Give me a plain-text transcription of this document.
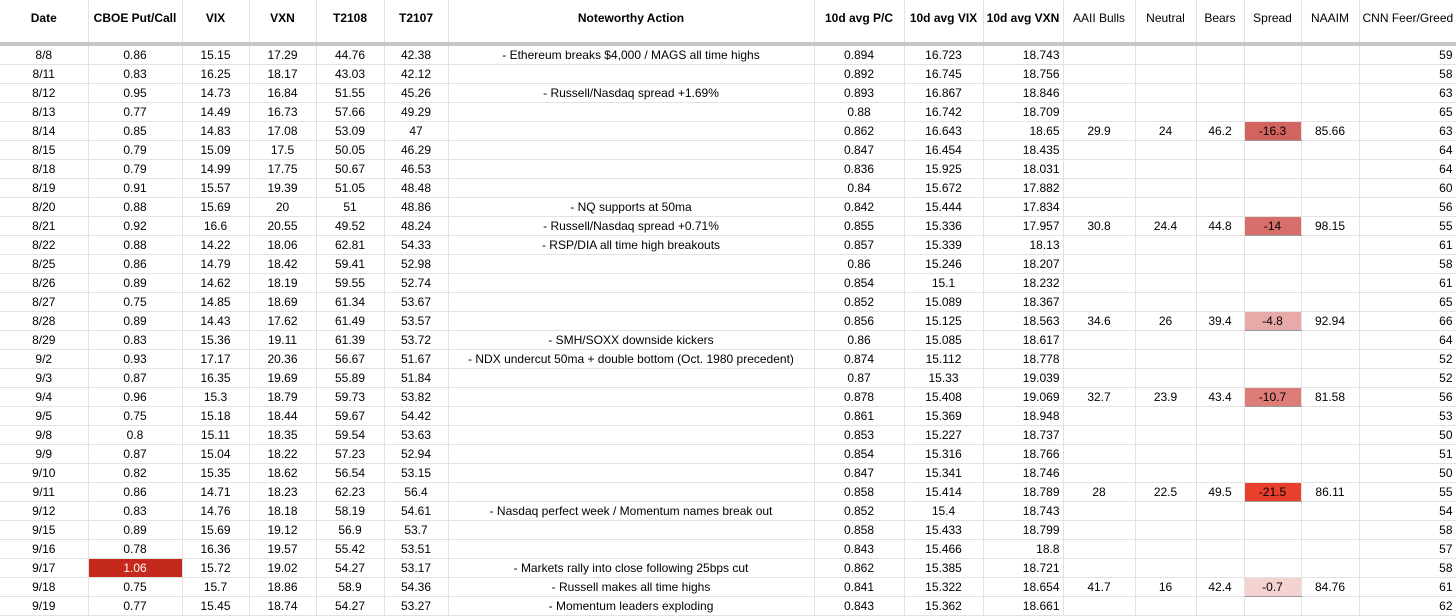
Date	CBOE Put/Call	VIX	VXN	T2108	T2107	Noteworthy Action	10d avg P/C	10d avg VIX	10d avg VXN	AAII Bulls	Neutral	Bears	Spread	NAAIM	CNN Feer/Greed
8/8	0.86	15.15	17.29	44.76	42.38	- Ethereum breaks $4,000 / MAGS all time highs	0.894	16.723	18.743						59
8/11	0.83	16.25	18.17	43.03	42.12		0.892	16.745	18.756						58
8/12	0.95	14.73	16.84	51.55	45.26	- Russell/Nasdaq spread +1.69%	0.893	16.867	18.846						63
8/13	0.77	14.49	16.73	57.66	49.29		0.88	16.742	18.709						65
8/14	0.85	14.83	17.08	53.09	47		0.862	16.643	18.65	29.9	24	46.2	-16.3	85.66	63
8/15	0.79	15.09	17.5	50.05	46.29		0.847	16.454	18.435						64
8/18	0.79	14.99	17.75	50.67	46.53		0.836	15.925	18.031						64
8/19	0.91	15.57	19.39	51.05	48.48		0.84	15.672	17.882						60
8/20	0.88	15.69	20	51	48.86	- NQ supports at 50ma	0.842	15.444	17.834						56
8/21	0.92	16.6	20.55	49.52	48.24	- Russell/Nasdaq spread +0.71%	0.855	15.336	17.957	30.8	24.4	44.8	-14	98.15	55
8/22	0.88	14.22	18.06	62.81	54.33	- RSP/DIA all time high breakouts	0.857	15.339	18.13						61
8/25	0.86	14.79	18.42	59.41	52.98		0.86	15.246	18.207						58
8/26	0.89	14.62	18.19	59.55	52.74		0.854	15.1	18.232						61
8/27	0.75	14.85	18.69	61.34	53.67		0.852	15.089	18.367						65
8/28	0.89	14.43	17.62	61.49	53.57		0.856	15.125	18.563	34.6	26	39.4	-4.8	92.94	66
8/29	0.83	15.36	19.11	61.39	53.72	- SMH/SOXX downside kickers	0.86	15.085	18.617						64
9/2	0.93	17.17	20.36	56.67	51.67	- NDX undercut 50ma + double bottom (Oct. 1980 precedent)	0.874	15.112	18.778						52
9/3	0.87	16.35	19.69	55.89	51.84		0.87	15.33	19.039						52
9/4	0.96	15.3	18.79	59.73	53.82		0.878	15.408	19.069	32.7	23.9	43.4	-10.7	81.58	56
9/5	0.75	15.18	18.44	59.67	54.42		0.861	15.369	18.948						53
9/8	0.8	15.11	18.35	59.54	53.63		0.853	15.227	18.737						50
9/9	0.87	15.04	18.22	57.23	52.94		0.854	15.316	18.766						51
9/10	0.82	15.35	18.62	56.54	53.15		0.847	15.341	18.746						50
9/11	0.86	14.71	18.23	62.23	56.4		0.858	15.414	18.789	28	22.5	49.5	-21.5	86.11	55
9/12	0.83	14.76	18.18	58.19	54.61	- Nasdaq perfect week / Momentum names break out	0.852	15.4	18.743						54
9/15	0.89	15.69	19.12	56.9	53.7		0.858	15.433	18.799						58
9/16	0.78	16.36	19.57	55.42	53.51		0.843	15.466	18.8						57
9/17	1.06	15.72	19.02	54.27	53.17	- Markets rally into close following 25bps cut	0.862	15.385	18.721						58
9/18	0.75	15.7	18.86	58.9	54.36	- Russell makes all time highs	0.841	15.322	18.654	41.7	16	42.4	-0.7	84.76	61
9/19	0.77	15.45	18.74	54.27	53.27	- Momentum leaders exploding	0.843	15.362	18.661						62
